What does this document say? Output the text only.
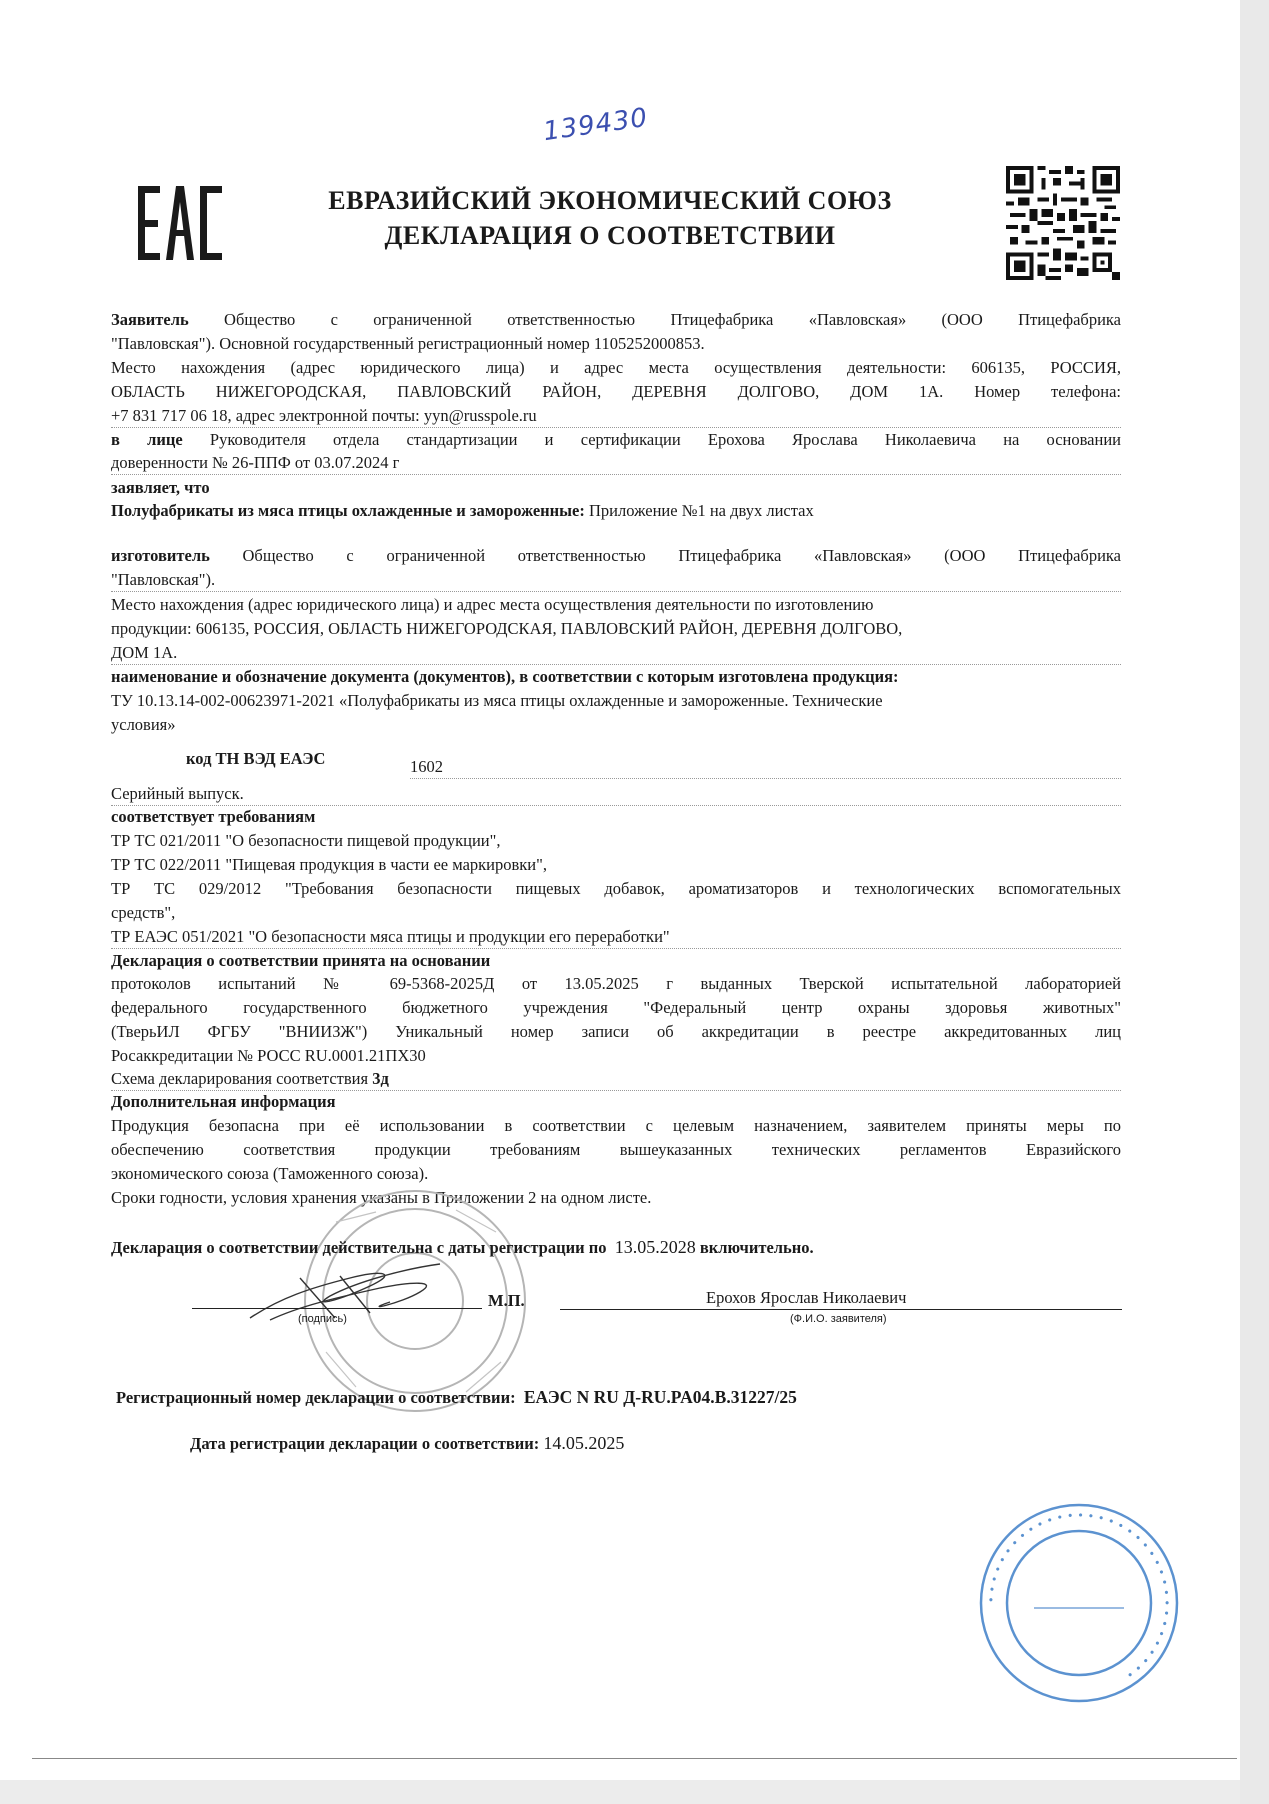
139430
ЕВРАЗИЙСКИЙ ЭКОНОМИЧЕСКИЙ СОЮЗ
ДЕКЛАРАЦИЯ О СООТВЕТСТВИИ
Заявитель Общество с ограниченной ответственностью Птицефабрика «Павловская» (ООО Птицефабрика
"Павловская"). Основной государственный регистрационный номер 1105252000853.
Место нахождения (адрес юридического лица) и адрес места осуществления деятельности: 606135, РОССИЯ,
ОБЛАСТЬ НИЖЕГОРОДСКАЯ, ПАВЛОВСКИЙ РАЙОН, ДЕРЕВНЯ ДОЛГОВО, ДОМ 1А. Номер телефона:
+7 831 717 06 18, адрес электронной почты: yyn@russpole.ru
в лице Руководителя отдела стандартизации и сертификации Ерохова Ярослава Николаевича на основании
доверенности № 26-ППФ от 03.07.2024 г
заявляет, что
Полуфабрикаты из мяса птицы охлажденные и замороженные: Приложение №1 на двух листах
изготовитель Общество с ограниченной ответственностью Птицефабрика «Павловская» (ООО Птицефабрика
"Павловская").
Место нахождения (адрес юридического лица) и адрес места осуществления деятельности по изготовлению
продукции: 606135, РОССИЯ, ОБЛАСТЬ НИЖЕГОРОДСКАЯ, ПАВЛОВСКИЙ РАЙОН, ДЕРЕВНЯ ДОЛГОВО,
ДОМ 1А.
наименование и обозначение документа (документов), в соответствии с которым изготовлена продукция:
ТУ 10.13.14-002-00623971-2021 «Полуфабрикаты из мяса птицы охлажденные и замороженные. Технические
условия»
код ТН ВЭД ЕАЭС	1602
Серийный выпуск.
соответствует требованиям
ТР ТС 021/2011 "О безопасности пищевой продукции",
ТР ТС 022/2011 "Пищевая продукция в части ее маркировки",
ТР ТС 029/2012 "Требования безопасности пищевых добавок, ароматизаторов и технологических вспомогательных
средств",
ТР ЕАЭС 051/2021 "О безопасности мяса птицы и продукции его переработки"
Декларация о соответствии принята на основании
протоколов испытаний № 69-5368-2025Д от 13.05.2025 г выданных Тверской испытательной лабораторией
федерального государственного бюджетного учреждения "Федеральный центр охраны здоровья животных"
(ТверьИЛ ФГБУ "ВНИИЗЖ") Уникальный номер записи об аккредитации в реестре аккредитованных лиц
Росаккредитации № РОСС RU.0001.21ПХ30
Схема декларирования соответствия 3д
Дополнительная информация
Продукция безопасна при её использовании в соответствии с целевым назначением, заявителем приняты меры по
обеспечению соответствия продукции требованиям вышеуказанных технических регламентов Евразийского
экономического союза (Таможенного союза).
Сроки годности, условия хранения указаны в Приложении 2 на одном листе.
Декларация о соответствии действительна с даты регистрации по 13.05.2028 включительно.
(подпись)
М.П.	Ерохов Ярослав Николаевич
(Ф.И.О. заявителя)
Регистрационный номер декларации о соответствии: ЕАЭС N RU Д-RU.PA04.B.31227/25
Дата регистрации декларации о соответствии: 14.05.2025
• • • • • • • • • • • • • • • • • • • • • • • • • • • • • • • • • • •
